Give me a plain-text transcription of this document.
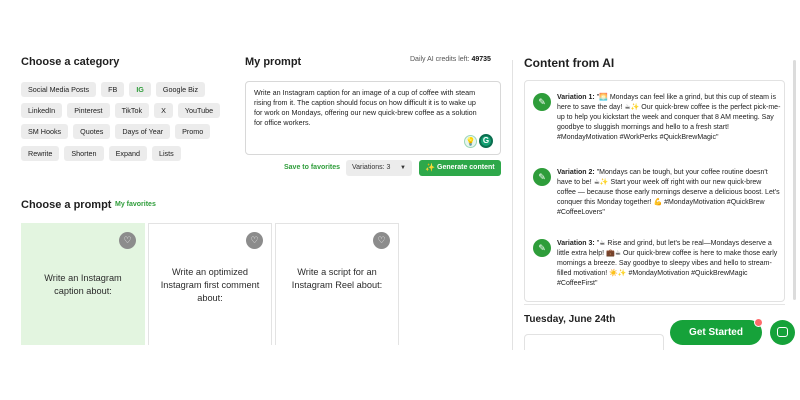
Choose a category
Social Media Posts	FB	IG	Google Biz
LinkedIn	Pinterest	TikTok	X	YouTube
SM Hooks	Quotes	Days of Year	Promo
Rewrite	Shorten	Expand	Lists
My prompt	Daily AI credits left: 49735
Write an Instagram caption for an image of a cup of coffee with steam rising from it. The caption should focus on how difficult it is to wake up for work on Mondays, offering our new quick-brew coffee as a solution for office workers.
💡 G
Save to favorites	Variations: 3 ▼ ✨ Generate content
Choose a prompt My favorites
♡
Write an Instagram caption about:
♡
Write an optimized Instagram first comment about:
♡
Write a script for an Instagram Reel about:
Content from AI
✎	Variation 1: "🌅 Mondays can feel like a grind, but this cup of steam is here to save the day! ☕✨ Our quick-brew coffee is the perfect pick-me-up to help you kickstart the week and conquer that 8 AM meeting. Say goodbye to sluggish mornings and hello to a fresh start! #MondayMotivation #WorkPerks #QuickBrewMagic"
✎	Variation 2: "Mondays can be tough, but your coffee routine doesn't have to be! ☕✨ Start your week off right with our new quick-brew coffee — because those early mornings deserve a delicious boost. Let's conquer this Monday together! 💪 #MondayMotivation #QuickBrew #CoffeeLovers"
✎	Variation 3: "☕ Rise and grind, but let's be real—Mondays deserve a little extra help! 💼☕ Our quick-brew coffee is here to make those early mornings a breeze. Say goodbye to sleepy vibes and hello to stream-filled motivation! ☀️✨ #MondayMotivation #QuickBrewMagic #CoffeeFirst"
Tuesday, June 24th
Get Started
